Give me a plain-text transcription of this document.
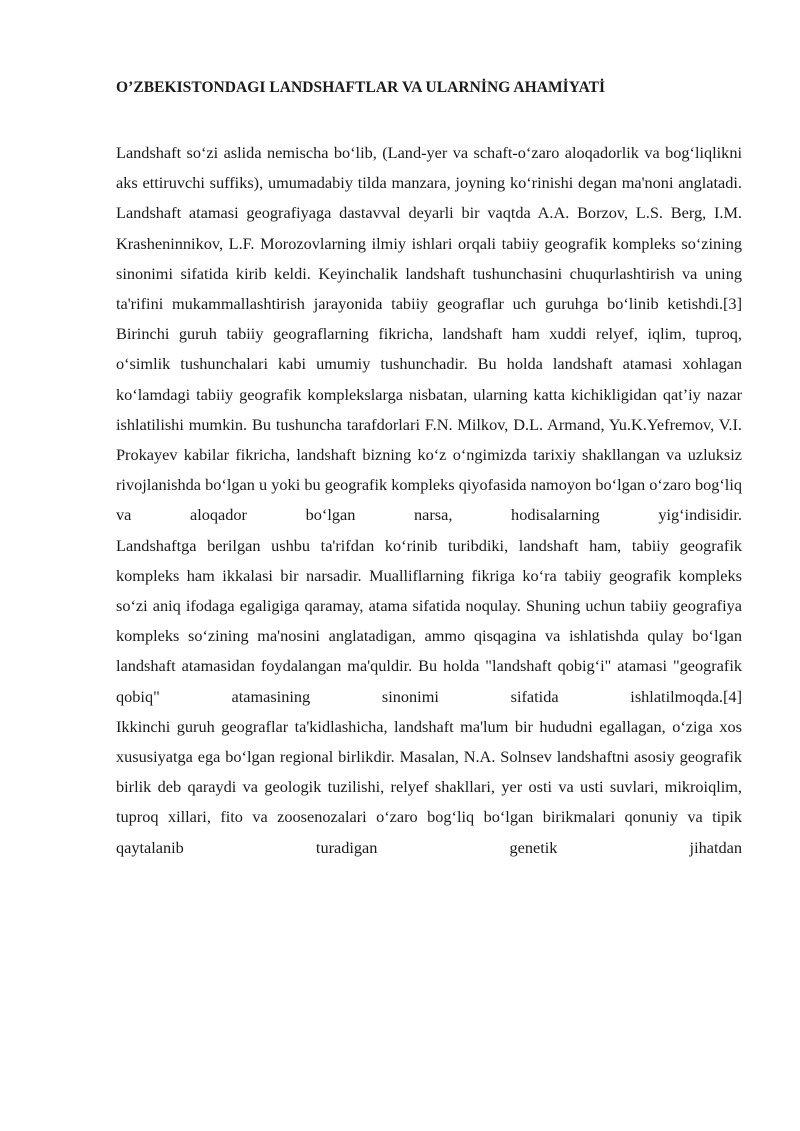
O’ZBEKISTONDAGI LANDSHAFTLAR VA ULARNİNG AHAMİYATİ

Landshaft so‘zi aslida nemischa bo‘lib, (Land-yer va schaft-o‘zaro aloqadorlik va bog‘liqlikni aks ettiruvchi suffiks), umumadabiy tilda manzara, joyning ko‘rinishi degan ma'noni anglatadi.

Landshaft atamasi geografiyaga dastavval deyarli bir vaqtda A.A. Borzov, L.S. Berg, I.M. Krasheninnikov, L.F. Morozovlarning ilmiy ishlari orqali tabiiy geografik kompleks so‘zining sinonimi sifatida kirib keldi. Keyinchalik landshaft tushunchasini chuqurlashtirish va uning ta'rifini mukammallashtirish jarayonida tabiiy geograflar uch guruhga bo‘linib ketishdi.[3]

Birinchi guruh tabiiy geograflarning fikricha, landshaft ham xuddi relyef, iqlim, tuproq, o‘simlik tushunchalari kabi umumiy tushunchadir. Bu holda landshaft atamasi xohlagan ko‘lamdagi tabiiy geografik komplekslarga nisbatan, ularning katta kichikligidan qat’iy nazar ishlatilishi mumkin. Bu tushuncha tarafdorlari F.N. Milkov, D.L. Armand, Yu.K.Yefremov, V.I. Prokayev kabilar fikricha, landshaft bizning ko‘z o‘ngimizda tarixiy shakllangan va uzluksiz rivojlanishda bo‘lgan u yoki bu geografik kompleks qiyofasida namoyon bo‘lgan o‘zaro bog‘liq va aloqador bo‘lgan narsa, hodisalarning yig‘indisidir.

Landshaftga berilgan ushbu ta'rifdan ko‘rinib turibdiki, landshaft ham, tabiiy geografik kompleks ham ikkalasi bir narsadir. Mualliflarning fikriga ko‘ra tabiiy geografik kompleks so‘zi aniq ifodaga egaligiga qaramay, atama sifatida noqulay. Shuning uchun tabiiy geografiya kompleks so‘zining ma'nosini anglatadigan, ammo qisqagina va ishlatishda qulay bo‘lgan landshaft atamasidan foydalangan ma'quldir. Bu holda "landshaft qobig‘i" atamasi "geografik qobiq" atamasining sinonimi sifatida ishlatilmoqda.[4]

Ikkinchi guruh geograflar ta'kidlashicha, landshaft ma'lum bir hududni egallagan, o‘ziga xos xususiyatga ega bo‘lgan regional birlikdir. Masalan, N.A. Solnsev landshaftni asosiy geografik birlik deb qaraydi va geologik tuzilishi, relyef shakllari, yer osti va usti suvlari, mikroiqlim, tuproq xillari, fito va zoosenozalari o‘zaro bog‘liq bo‘lgan birikmalari qonuniy va tipik qaytalanib turadigan genetik jihatdan
